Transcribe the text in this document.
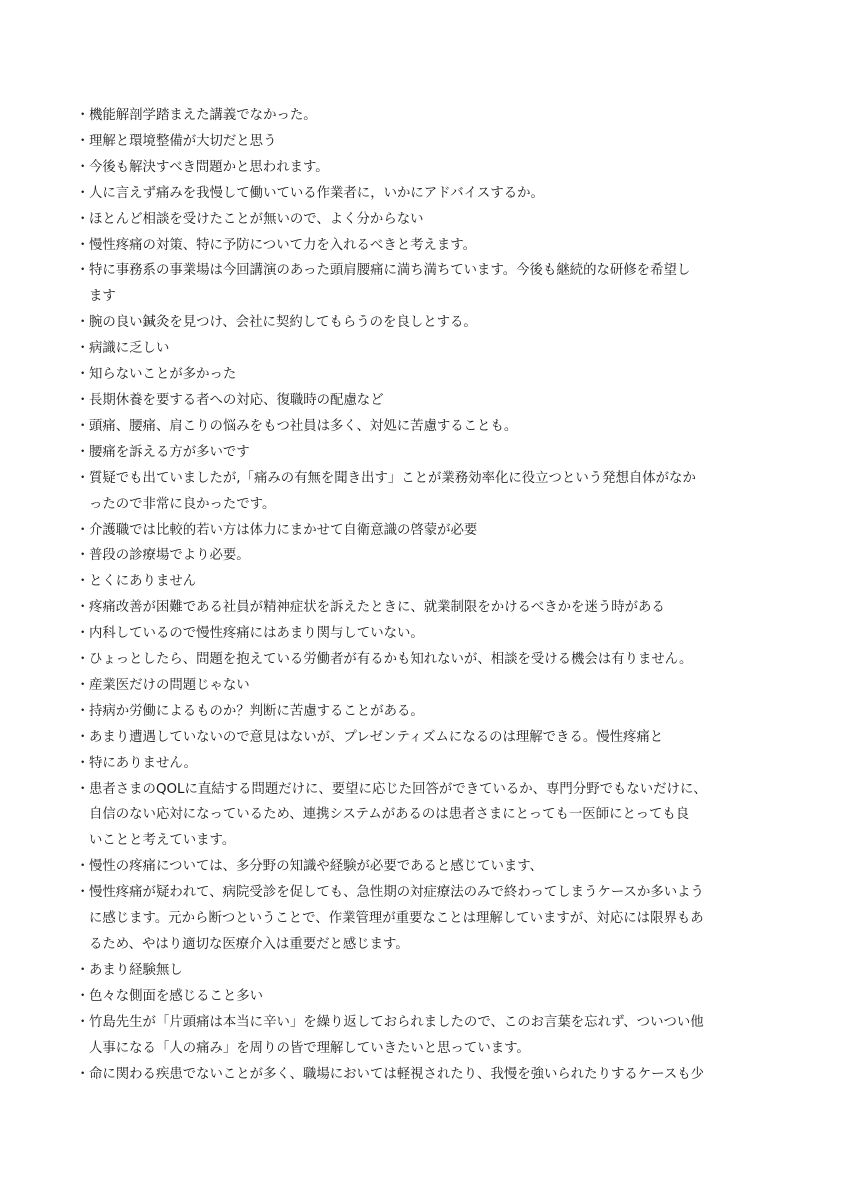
・ 機能解剖学踏まえた講義でなかった。
・ 理解と環境整備が大切だと思う
・ 今後も解決すべき問題かと思われます。
・ 人に言えず痛みを我慢して働いている作業者に，いかにアドバイスするか。
・ ほとんど相談を受けたことが無いので、よく分からない
・ 慢性疼痛の対策、特に予防について力を入れるべきと考えます。
・ 特に事務系の事業場は今回講演のあった頭肩腰痛に満ち満ちています。今後も継続的な研修を希望し
ます
・ 腕の良い鍼灸を見つけ、会社に契約してもらうのを良しとする。
・ 病識に乏しい
・ 知らないことが多かった
・ 長期休養を要する者への対応、復職時の配慮など
・ 頭痛、腰痛、肩こりの悩みをもつ社員は多く、対処に苦慮することも。
・ 腰痛を訴える方が多いです
・ 質疑でも出ていましたが,「痛みの有無を聞き出す」ことが業務効率化に役立つという発想自体がなか
ったので非常に良かったです。
・ 介護職では比較的若い方は体力にまかせて自衛意識の啓蒙が必要
・ 普段の診療場でより必要。
・ とくにありません
・ 疼痛改善が困難である社員が精神症状を訴えたときに、就業制限をかけるべきかを迷う時がある
・ 内科しているので慢性疼痛にはあまり関与していない。
・ ひょっとしたら、問題を抱えている労働者が有るかも知れないが、相談を受ける機会は有りません。
・ 産業医だけの問題じゃない
・ 持病か労働によるものか？判断に苦慮することがある。
・ あまり遭遇していないので意見はないが、プレゼンティズムになるのは理解できる。慢性疼痛と
・ 特にありません。
・ 患者さまのQOLに直結する問題だけに、要望に応じた回答ができているか、専門分野でもないだけに、
自信のない応対になっているため、連携システムがあるのは患者さまにとっても一医師にとっても良
いことと考えています。
・ 慢性の疼痛については、多分野の知識や経験が必要であると感じています、
・ 慢性疼痛が疑われて、病院受診を促しても、急性期の対症療法のみで終わってしまうケースか多いよう
に感じます。元から断つということで、作業管理が重要なことは理解していますが、対応には限界もあ
るため、やはり適切な医療介入は重要だと感じます。
・ あまり経験無し
・ 色々な側面を感じること多い
・ 竹島先生が「片頭痛は本当に辛い」を繰り返しておられましたので、このお言葉を忘れず、ついつい他
人事になる「人の痛み」を周りの皆で理解していきたいと思っています。
・ 命に関わる疾患でないことが多く、職場においては軽視されたり、我慢を強いられたりするケースも少
